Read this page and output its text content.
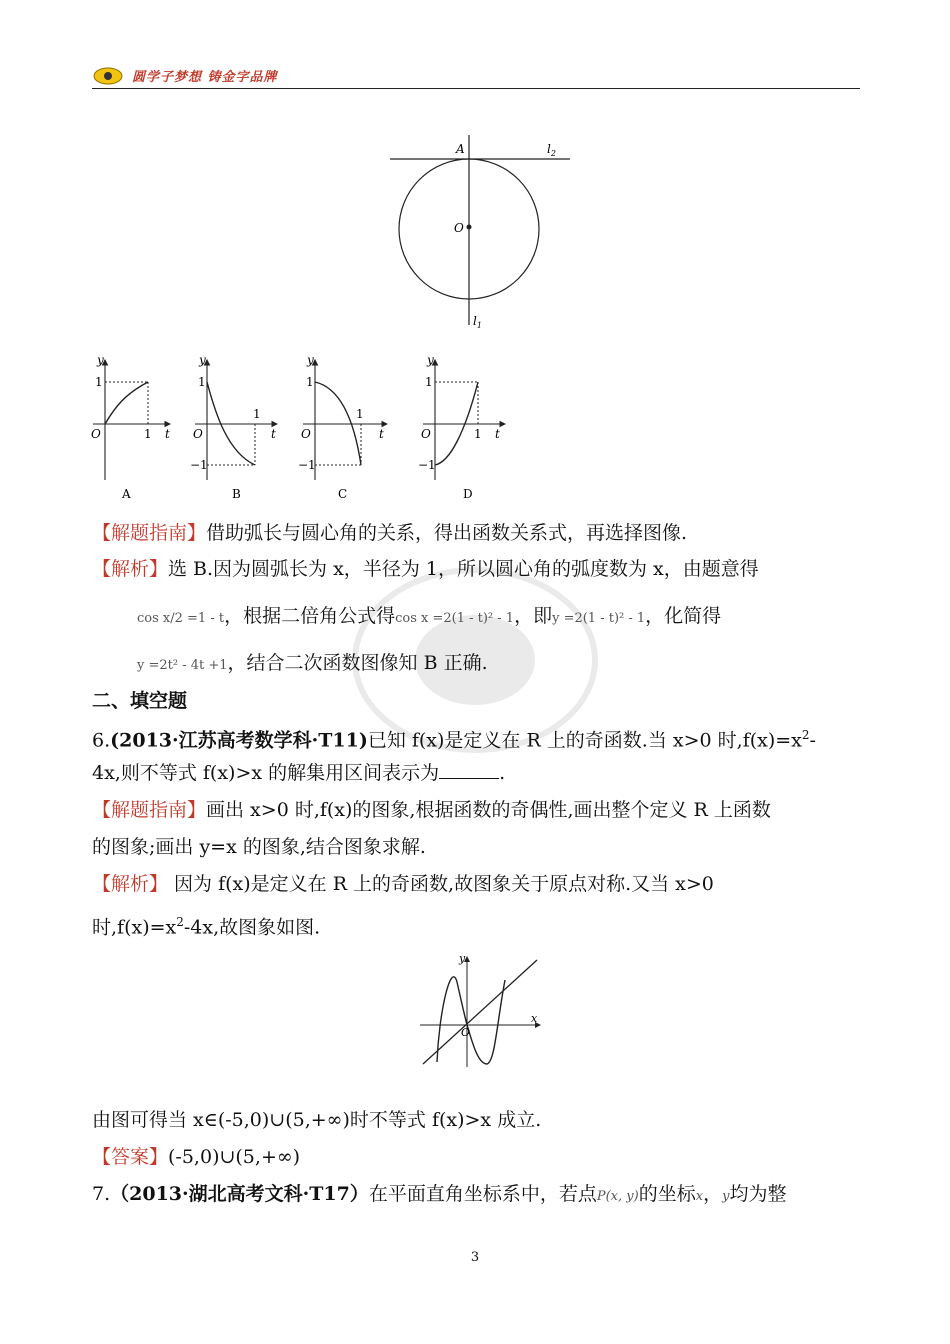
圆学子梦想 铸金字品牌
A
O
$l_2$
$l_1$
y
1
O	1 t
A
y
1
O
1
t
−1
B
y
1
O
1
t
−1
C
y
1
O	1 t
−1
D
【解题指南】借助弧长与圆心角的关系，得出函数关系式，再选择图像.
【解析】选 B.因为圆弧长为 x，半径为 1，所以圆心角的弧度数为 x，由题意得
cos x/2 =1 - t，根据二倍角公式得cos x =2(1 - t)² - 1，即y =2(1 - t)² - 1，化简得
y =2t² - 4t +1，结合二次函数图像知 B 正确.
二、填空题
6.(2013·江苏高考数学科·T11)已知 f(x)是定义在 R 上的奇函数.当 x>0 时$,f(x)=x^2-$
4x,则不等式 f(x)>x 的解集用区间表示为	.
【解题指南】画出 x>0 时,f(x)的图象,根据函数的奇偶性,画出整个定义 R 上函数
的图象;画出 y=x 的图象,结合图象求解.
【解析】 因为 f(x)是定义在 R 上的奇函数,故图象关于原点对称.又当 x>0
时$,f(x)=x^2-4x$,故图象如图.
y
x
O
由图可得当 x∈(-5,0)∪(5,+∞)时不等式 f(x)>x 成立.
【答案】(-5,0)∪(5,+∞)
7.（2013·湖北高考文科·T17）在平面直角坐标系中，若点P(x, y)的坐标x，y均为整
3
